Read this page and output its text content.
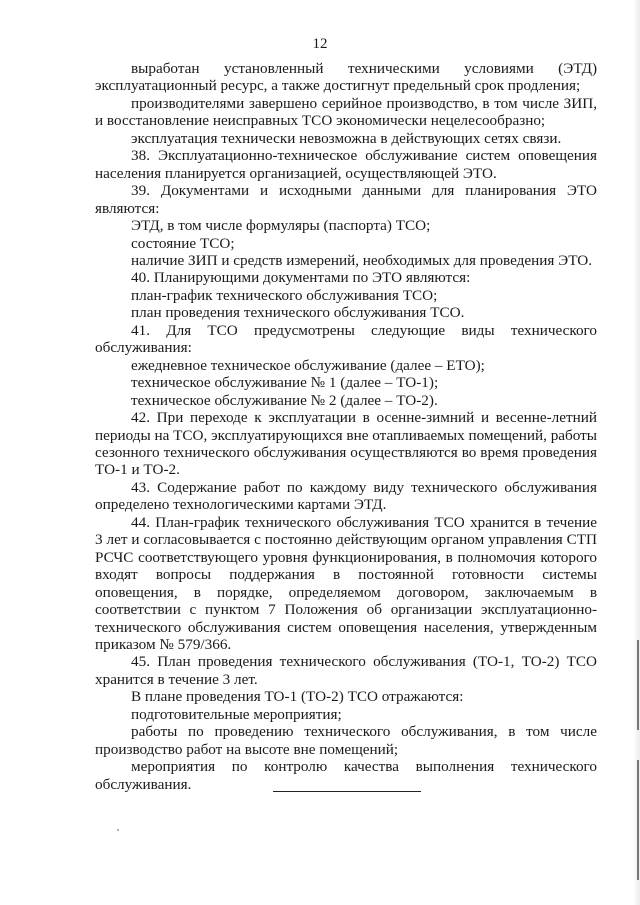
12

выработан установленный техническими условиями (ЭТД) эксплуатационный ресурс, а также достигнут предельный срок продления;

производителями завершено серийное производство, в том числе ЗИП, и восстановление неисправных ТСО экономически нецелесообразно;

эксплуатация технически невозможна в действующих сетях связи.

38. Эксплуатационно-техническое обслуживание систем оповещения населения планируется организацией, осуществляющей ЭТО.

39. Документами и исходными данными для планирования ЭТО являются:

ЭТД, в том числе формуляры (паспорта) ТСО;

состояние ТСО;

наличие ЗИП и средств измерений, необходимых для проведения ЭТО.

40. Планирующими документами по ЭТО являются:

план-график технического обслуживания ТСО;

план проведения технического обслуживания ТСО.

41. Для ТСО предусмотрены следующие виды технического обслуживания:

ежедневное техническое обслуживание (далее – ЕТО);

техническое обслуживание № 1 (далее – ТО-1);

техническое обслуживание № 2 (далее – ТО-2).

42. При переходе к эксплуатации в осенне-зимний и весенне-летний периоды на ТСО, эксплуатирующихся вне отапливаемых помещений, работы сезонного технического обслуживания осуществляются во время проведения ТО-1 и ТО-2.

43. Содержание работ по каждому виду технического обслуживания определено технологическими картами ЭТД.

44. План-график технического обслуживания ТСО хранится в течение 3 лет и согласовывается с постоянно действующим органом управления СТП РСЧС соответствующего уровня функционирования, в полномочия которого входят вопросы поддержания в постоянной готовности системы оповещения, в порядке, определяемом договором, заключаемым в соответствии с пунктом 7 Положения об организации эксплуатационно-технического обслуживания систем оповещения населения, утвержденным приказом № 579/366.

45. План проведения технического обслуживания (ТО-1, ТО-2) ТСО хранится в течение 3 лет.

В плане проведения ТО-1 (ТО-2) ТСО отражаются:

подготовительные мероприятия;

работы по проведению технического обслуживания, в том числе производство работ на высоте вне помещений;

мероприятия по контролю качества выполнения технического обслуживания.
